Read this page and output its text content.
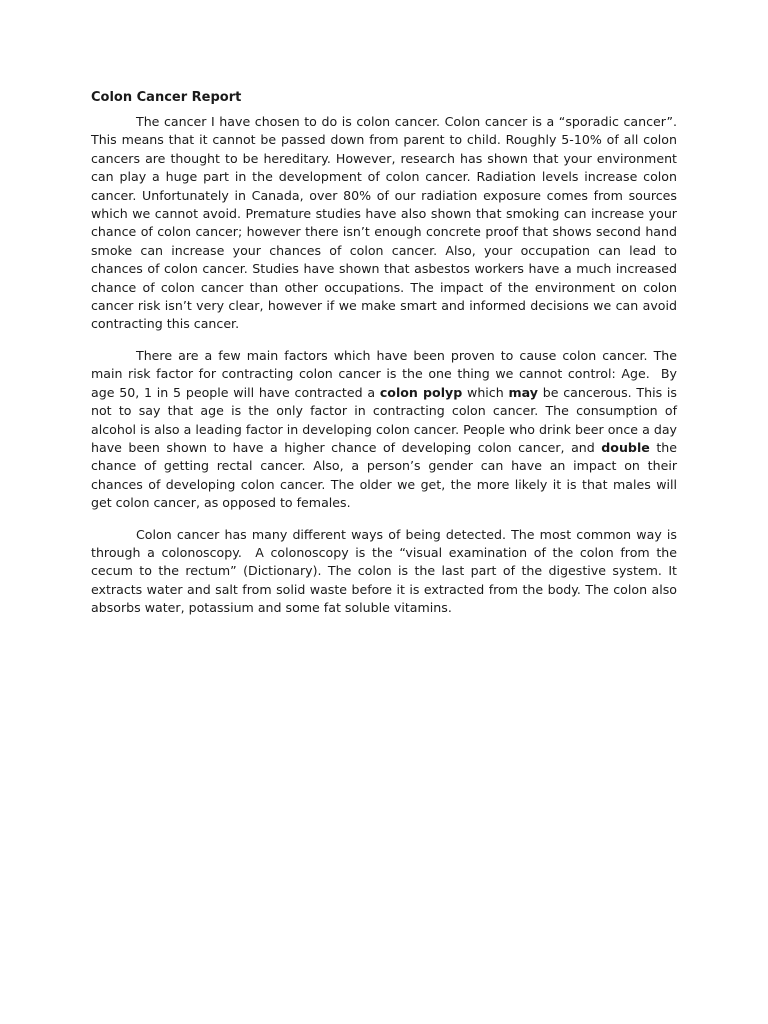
Colon Cancer Report

The cancer I have chosen to do is colon cancer. Colon cancer is a “sporadic cancer”. This means that it cannot be passed down from parent to child. Roughly 5-10% of all colon cancers are thought to be hereditary. However, research has shown that your environment can play a huge part in the development of colon cancer. Radiation levels increase colon cancer. Unfortunately in Canada, over 80% of our radiation exposure comes from sources which we cannot avoid. Premature studies have also shown that smoking can increase your chance of colon cancer; however there isn’t enough concrete proof that shows second hand smoke can increase your chances of colon cancer. Also, your occupation can lead to chances of colon cancer. Studies have shown that asbestos workers have a much increased chance of colon cancer than other occupations. The impact of the environment on colon cancer risk isn’t very clear, however if we make smart and informed decisions we can avoid contracting this cancer.

There are a few main factors which have been proven to cause colon cancer. The main risk factor for contracting colon cancer is the one thing we cannot control: Age.  By age 50, 1 in 5 people will have contracted a colon polyp which may be cancerous. This is not to say that age is the only factor in contracting colon cancer. The consumption of alcohol is also a leading factor in developing colon cancer. People who drink beer once a day have been shown to have a higher chance of developing colon cancer, and double the chance of getting rectal cancer. Also, a person’s gender can have an impact on their chances of developing colon cancer. The older we get, the more likely it is that males will get colon cancer, as opposed to females.

Colon cancer has many different ways of being detected. The most common way is through a colonoscopy.  A colonoscopy is the “visual examination of the colon from the cecum to the rectum” (Dictionary). The colon is the last part of the digestive system. It extracts water and salt from solid waste before it is extracted from the body. The colon also absorbs water, potassium and some fat soluble vitamins.
